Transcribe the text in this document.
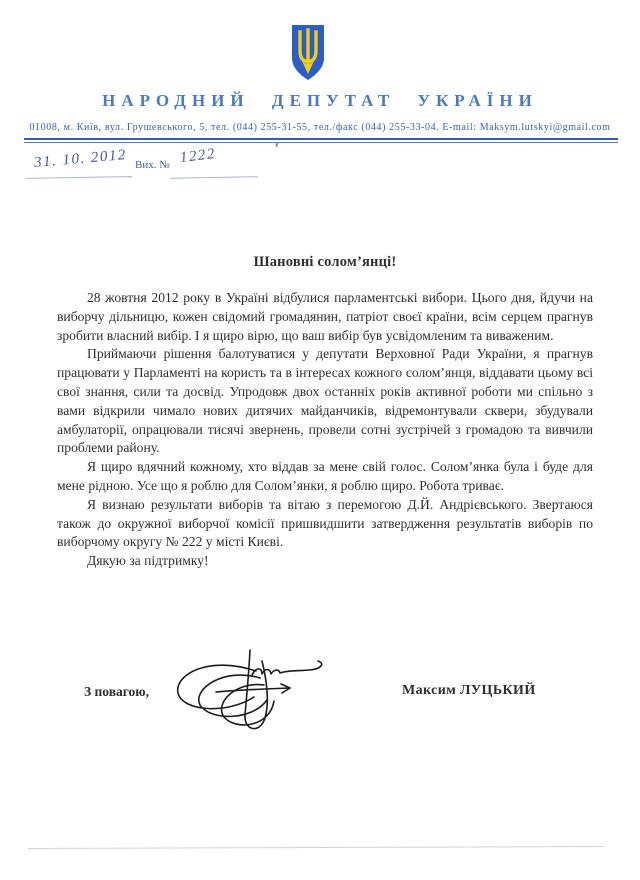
НАРОДНИЙ ДЕПУТАТ УКРАЇНИ
01008, м. Київ, вул. Грушевського, 5, тел. (044) 255-31-55, тел./факс (044) 255-33-04. E-mail: Maksym.lutskyi@gmail.com
31. 10. 2012 Вих. № 1222
Шановні солом’янці!

28 жовтня 2012 року в Україні відбулися парламентські вибори. Цього дня, йдучи на виборчу дільницю, кожен свідомий громадянин, патріот своєї країни, всім серцем прагнув зробити власний вибір. І я щиро вірю, що ваш вибір був усвідомленим та виваженим.

Приймаючи рішення балотуватися у депутати Верховної Ради України, я прагнув працювати у Парламенті на користь та в інтересах кожного солом’янця, віддавати цьому всі свої знання, сили та досвід. Упродовж двох останніх років активної роботи ми спільно з вами відкрили чимало нових дитячих майданчиків, відремонтували сквери, збудували амбулаторії, опрацювали тисячі звернень, провели сотні зустрічей з громадою та вивчили проблеми району.

Я щиро вдячний кожному, хто віддав за мене свій голос. Солом’янка була і буде для мене рідною. Усе що я роблю для Солом’янки, я роблю щиро. Робота триває.

Я визнаю результати виборів та вітаю з перемогою Д.Й. Андрієвського. Звертаюся також до окружної виборчої комісії пришвидшити затвердження результатів виборів по виборчому округу № 222 у місті Києві.

Дякую за підтримку!

З повагою,	Максим ЛУЦЬКИЙ
